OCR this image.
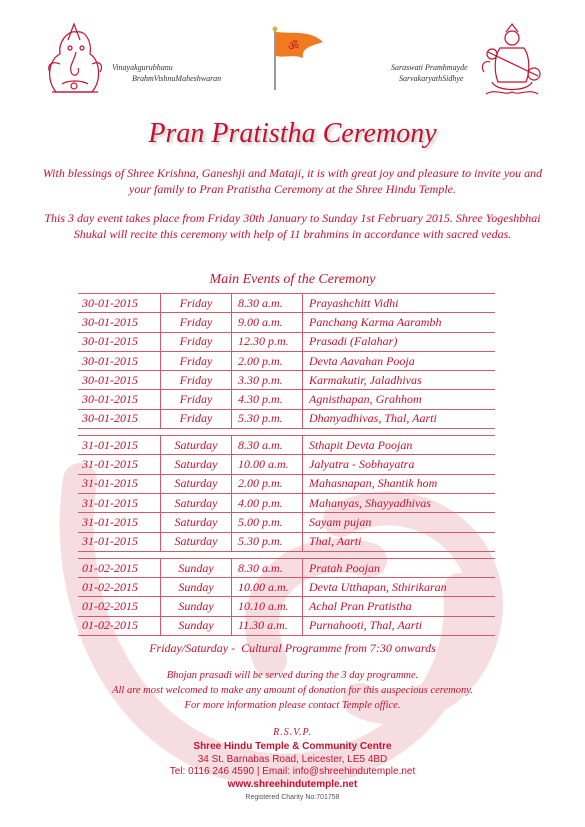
Vinayakgurubhanu
BrahmVishnuMaheshwaran
ॐ
Saraswati Pramhmayde
SarvakaryathSidhye
Pran Pratistha Ceremony
With blessings of Shree Krishna, Ganeshji and Mataji, it is with great joy and pleasure to invite you and your family to Pran Pratistha Ceremony at the Shree Hindu Temple.
This 3 day event takes place from Friday 30th January to Sunday 1st February 2015. Shree Yogeshbhai Shukal will recite this ceremony with help of 11 brahmins in accordance with sacred vedas.
Main Events of the Ceremony
30-01-2015	Friday	8.30 a.m.	Prayashchitt Vidhi
30-01-2015	Friday	9.00 a.m.	Panchang Karma Aarambh
30-01-2015	Friday	12.30 p.m.	Prasadi (Falahar)
30-01-2015	Friday	2.00 p.m.	Devta Aavahan Pooja
30-01-2015	Friday	3.30 p.m.	Karmakutir, Jaladhivas
30-01-2015	Friday	4.30 p.m.	Agnisthapan, Grahhom
30-01-2015	Friday	5.30 p.m.	Dhanyadhivas, Thal, Aarti

31-01-2015	Saturday	8.30 a.m.	Sthapit Devta Poojan
31-01-2015	Saturday	10.00 a.m.	Jalyatra - Sobhayatra
31-01-2015	Saturday	2.00 p.m.	Mahasnapan, Shantik hom
31-01-2015	Saturday	4.00 p.m.	Mahanyas, Shayyadhivas
31-01-2015	Saturday	5.00 p.m.	Sayam pujan
31-01-2015	Saturday	5.30 p.m.	Thal, Aarti

01-02-2015	Sunday	8.30 a.m.	Pratah Poojan
01-02-2015	Sunday	10.00 a.m.	Devta Utthapan, Sthirikaran
01-02-2015	Sunday	10.10 a.m.	Achal Pran Pratistha
01-02-2015	Sunday	11.30 a.m.	Purnahooti, Thal, Aarti
Friday/Saturday -  Cultural Programme from 7:30 onwards
Bhojan prasadi will be served during the 3 day programme.
All are most welcomed to make any amount of donation for this auspecious ceremony.
For more information please contact Temple office.
R.S.V.P.
Shree Hindu Temple & Community Centre
34 St. Barnabas Road, Leicester, LE5 4BD
Tel: 0116 246 4590 | Email: info@shreehindutemple.net
www.shreehindutemple.net
Registered Charity No:701758
